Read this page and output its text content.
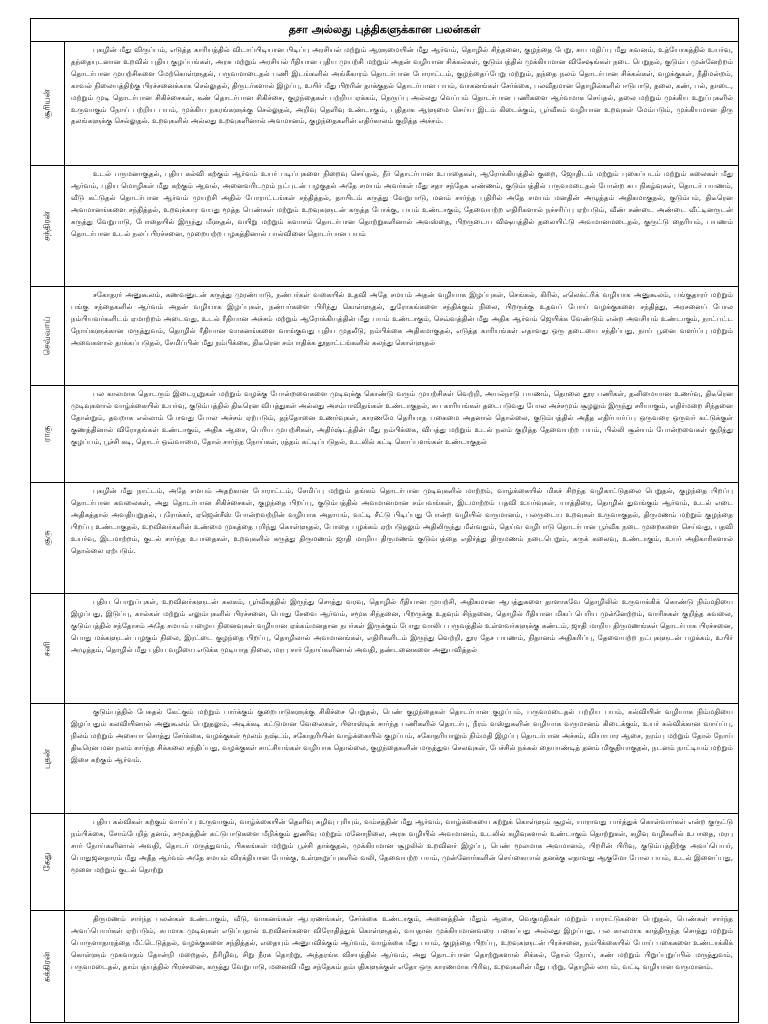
தசா அல்லது புத்திகளுக்கான பலன்கள்	

சூரியன்	புகழின் மீது விருப்பம், எடுத்த காரியத்தில் விடாப்பிடியான பிடிப்பு அரசியல் மற்றும் ஆளுமையின் மீது ஆர்வம், தொழில் சிந்தனை, குழந்தை பேறு, சுய மதிப்பு மீது கவனம், உத்யோகத்தில் உயர்வு, தந்தையுடனான உறவில் புதிய குழப்பங்கள், அரசு மற்றும் அரசியல் ரீதியான புதிய முயற்சி மற்றும் அதன் வழியான சிக்கல்கள், குடும்பத்தில் முக்கியமான விசேஷங்கள் நடை பெறுதல், குடும்ப முன்னேற்றம் தொடர்பான முயற்சிகளை மேற்கொள்ளுதல், பருவமாடைதல் பணி இடங்களில் அங்கீகாரம் தொடர்பான போராட்டம், குழந்தைப்பேறு மற்றும், தந்தை நலம் தொடர்பான சிக்கல்கள், வழக்குகள், நீதிமன்றம், காவல் நிலையத்திற்கு பிரச்சனைக்காக செல்லுதல், திருடர்களால் இழப்பு, உயிர் மீது பிறரின் தாக்குதல் தொடர்பான பயம், வாகனங்கள் சேர்க்கை, பலவீதமான தொழில்களில் ஈடுபாடு, தலை, கண், பல், தாடை, மற்றும் முடி தொடர்பான சிகிச்சைகள், கண் தொடர்பான சிகிச்சை, குழந்தைகள் பற்றிய ஏக்கம், நெருப்பு அல்லது வெப்பம் தொடர்பான பணிகளை ஆர்வமாக செய்தல், தலை மற்றும் முக்கிய உறுப்புகளில் உருவாகும் நோய் பற்றிய பயம், முக்கிய நகரங்களுக்கு செல்லுதல், அறிவு தெளிவு உண்டாகும், புதிதாக ஆளுமை செய்ய இடம் கிடைக்கும், பூர்வீகம் வழியான உறவுகள் மேம்படும், முக்கியமான திரு தலங்களுக்கு செல்லுதல். உறவுகளில் அல்லது உறவுகளினால் அவமானம், குழந்தைகளின் எதிர்காலம் குறித்த அச்சம்.

சந்திரன்	உடல் பருமனாகுதல், புதிய கல்வி கற்கும் ஆர்வம் உயர் படிப்புகளை நிறைவு செய்தல், நீர் தொடர்பான உபாதைகள், ஆரோக்கியத்தில் குறை, ஜோதிடம் மற்றும் புகைப்படம் மற்றும் கலைகள் மீது ஆர்வம், புதிய மொழிகள் மீது கற்கும் ஆவல், அனைவரிடமும் நட்புடன் பழகுதல் அதே சமயம் அவர்கள் மீது சதா சந்தேக எண்ணம், குடும்பத்தில் பருவமடைதல் போன்ற சுப நிகழ்வுகள், தொடர் பயணம், வீடு கட்டுதல் தொடர்பான ஆர்வம் முயற்சி அதில் போராட்டங்கள் சந்தித்தல், தாயிடம் கருத்து வேறுபாடு, மனம் சார்ந்த புதிரில் அதே சமயம் மனதின் அழுத்தம் அதிகமாகுதல், குடும்பம், திடீரென அவமானங்களை சந்தித்தல், உறவுக்கார வயது மூத்த பெண்கள் மற்றும் உறவுகளுடன் கருத்த போக்கு, பயம் உண்டாகும், தேவையற்ற எதிரிகளால் நச்சரிப்பு ஏற்படும், வீண் சண்டை அண்டை வீட்டினருடன் கருத்து வேறுபாடு, போதையில் இருந்து மீளுதல், வயிறு மற்றும் சுவாசம் தொடர்பான தொற்றுகளினால் அவஸ்தை, பிறருடைய விஷயத்தில் தலையிட்டு அவமானமடைதல், குருட்டு தைரியம், பயணம் தொடர்பான உடல் நலப் பிரச்சனை, முறையற்ற பழகத்தினால் பால்வினை தொடர்பான பயம்

செவ்வாய்	சகோதரர் அனுகூலம், கணவனுடன் கருத்து முரண்பாடு, நண்பர்கள் வகையில் உதவி அதே சமயம் அதன் வழியாக இழப்புகள், செங்கல், கிரில், எலெக்ட்ரிக் வழியாக அனுகூலம், பங்குதாரர் மற்றும் பங்கு சந்தைகளில் ஆர்வம் அதன் வழியாக இழப்புகள், நண்பர்களை பிரிந்து கொள்ளுதல், துரோகங்களை சந்திக்கும் நிலை, பிறருக்கு உதவப் போய் வழக்குகளை சந்தித்து, அரசனைப் போல நம்பியவர்களிடம் ஏமாற்றம் அடைவது, உடல் ரீதியான அச்சம் மற்றும் ஆரோக்கியத்தின் மீது பயம் உண்டாகும், செவ்வத்தின் மீது அதிக ஆர்வம் ஜெயிக்க வேண்டும் என்ற அவசியம் உண்டாகும், நாட்பட்ட நோய்களுக்கான மருத்துவம், தொழில் ரீதியான வாகனங்களை வாங்குவது புதிய முதலீடு, நம்பிக்கை அதிகமாகுதல், எடுத்த காரியங்கள் எதாவது ஒரு தடையை சந்திப்பது, நாய் பூனை வளர்ப்பு மற்றும் அவைகளால் தாக்கப்படுதல், சேமிப்பின் மீது நம்பிக்கை, திடீரென சம்பாதிக்க தூதாட்டங்களில் கலந்து கொள்ளுதல்

ராகு	பல காலமாக தொடரும் இடையூறுகள் மற்றும் வழக்கு போன்றவைகளை முடிவுக்கு கொண்டு வரும் முயற்சிகள் வெற்றி, அயல்நாடு பயணம், தொலை தூர பணிகள், தனிமையான உணர்வு, திடீரென முடிவுகளால் வாழ்க்கையில் உயர்வு, குடும்பத்தில் திடீரென விபத்துகள் அல்லது அசம்பாவிதங்கள் உண்டாகுதல், சுப காரியங்கள் தடைபடுவது போல அச்சமும் சூழலும் இருந்து சரியாகும், எதிர்மறை சிந்தனை தோன்றும், தவறாக எல்லாம் போவது போல அச்சம் ஏற்படும், தந்தோனை உணர்வுகள், காரணமே தெரியாத பகைமை அதனால் தொல்லை, குடும்பத்தில் அதீத எதிர்பார்ப்பு ஒருவரை ஒருவர் கட்டுக்குள் குணத்தினால் விரோதங்கள் உண்டாகும், அதிக ஆசை, பெரிய முயற்சிகள், அதிர்ஷ்டத்தின் மீது நம்பிக்கை, விபத்து மற்றும் உடல் நலம் குறித்த தேவையற்ற பயம், பில்லி சூன்யம் போன்றவைகள் குறித்து குழப்பம், பூச்சி கடி, தொடர் ஒவ்வாமை, தோல் சார்ந்த நோய்கள், ரத்தம் கட்டிப்படுதல், உடலில் கட்டி கொப்பளங்கள் உண்டாகுதல்

குரு	புகழின் மீது நாட்டம், அதே சமயம் அதற்கான போராட்டம், சேமிப்பு மற்றும் தங்கம் தொடர்பான முடிவுகளில் மாற்றம், வாழ்க்கையில் மிகச் சிறந்த வழிகாட்டுதலை பெறுதல், குழந்தை பிறப்பு தொடர்பான கவலைகள், அது தொடர்பான சிகிச்சைகள், குழந்தை பிறப்பு, குடும்பத்தில் அவமானமான சம்பவங்கள், இடமாற்றம் பதவி உயர்வுகள், யாத்திரை, தொழில் துவங்கும் ஆர்வம், உடல் எடை அதிகத்தால் அவதியுறுதல், புரோக்கர், ஏஜென்சீஸ் போன்றவற்றின் வழியாக அதாயம், வட்டி சீட்டு பிடிப்பது போன்ற வழியில் வருமானம், பலருடைய உறவுகள் உருவாகுதல், திருமணம் மற்றும் குழந்தை பிறப்பு உண்டாகுதல், உறவினர்களின் உண்மை முகத்தை புரிந்து கொள்ளுதல், போதை பழக்கம் ஏற்படுதலும் அதிலிருந்து மீள்வதும், தெய்வ வழிபாடு தொடர்பான பூர்வீக நடை முறைகளை செய்வது, பதவி உயர்வு, இடமாற்றம், குடல் சார்ந்த உபாதைகள், உறவுகளில் கருத்து திருமணம் ஜாதி மாறிய திருமணம் குடும்பத்தை எதிர்த்து திருமணம் நடைபெறும், கருக் கலைவு, உண்டாகும், உயர் அதிகாரிகளால் தொல்லை ஏற்படும்.

சனி	புதிய பொறுப்புகள், உறவினர்களுடன் கலகம், பூர்வீகத்தில் இருந்து சொத்து வரவு, தொழில் ரீதியான முயற்சி, அதிகமான ஆபத்துகளை தாளாகவே தொழிலில் உருவாக்கிக் கொண்டு நிம்மதியை இழப்பது, இடுப்பு, கால்கள் மற்றும் எலும்புகளில் பிரச்சனை, பொது சேவை ஆர்வம், சமூக சிந்தனை, பிறருக்கு உதவும் சிந்தனை, தொழில் ரீதியான மிகப் பெரிய முன்னேற்றம், வாரிசுகள் குறித்த கவலை, குடும்பத்தில் சந்தோசம் அதே சமயம் பழைய நினைவுகள் வழியான ஏக்கம்மனதான நபர்கள் இருக்கும் போது வாலிப பருவத்தில் உள்ளவர்களுக்கு கண்டம், ஜாதி மாறிய திருமணங்கள் தொடர்பாக பிரச்சனை, பொது மக்களுடன் பழகும் நிலை, இரட்டை குழந்தை பிறப்பு, தொழிலால் அவமானங்கள், எதிரிகளிடம் இருந்து வெற்றி, தூர தேச பயணம், நிதானம் அதிகரிப்பு, தேவையற்ற நட்புகளுடன் பழக்கம், உயிர் அழுத்தம், தொழில் மீது புதிய வழியை எடுக்க முடியாத நிலை, மரபு சார் நோய்களினால் அவதி, தண்டனைகளை அனுபவித்தல்

புதன்	குடும்பத்தில் பேசுதல் கேட்கும் மற்றும் பார்க்கும் குறைபாடுகளுக்கு சிகிச்சை பெறுதல், பெண் குழந்தைகள் தொடர்பான குழப்பம், பருவமடைதல் பற்றிய பயம், கல்வியின் வழியாக நிம்மதியை இழப்பதும் கலவியினால் அனுகூலம் பெறுதலும், அடிக்கடி கட்டுமான வேலைகள், பிளாஸ்டிக் சார்ந்த பணிகளில் தொடர்பு, நீரம் வஸ்துகளின் வழியாக வருமானம் கிடைக்கும், உயர் கல்விக்கான வாய்ப்பு, நிலம் மற்றும் அசையா சொத்து சேர்க்கை, வழக்குகள் மூலம் நஷ்டம், சகோதரியின் வாழ்க்கையில் குழப்பம், சகோதரியாலும் நிம்மதி இழப்பு தொடர்பான அச்சம், வியாபார ஆசை, நரம்பு மற்றும் தோல் நோய் திடீரென மன நலம் சார்ந்த சிக்கலை சந்திப்பது, வழக்குகள் சாட்சியங்கள் வழியாக தொல்லை, குழந்தைகளின் மருத்துவ செலவுகள், பேச்சில் நக்கல் நையாண்டித் தனம் மிகுதியாகுதல், நடனம் நாட்டியம் மற்றும் இசை கற்கும் ஆர்வம்.

கேது	புதிய கல்விகள் கற்கும் வாய்ப்பு உருவாகும், வாழ்க்கையின் தெளிவு சுழிவு புரியும், வம்சத்தின் மீது ஆர்வம், வாழ்க்கையை கற்றுக் கொள்ளும் சூழல், யாராவது பார்த்துக் கொள்வார்கள் என்ற குருட்டு நம்பிக்கை, சோம்பேறித் தனம், சமூகத்தின் கட்டுபாடுகளை மீறிக்கும் துணிவு மற்றும் மனோநிலை, அரசு வழியில் அவமானம், உடலில் கழிவுகளால் உண்டாகும் தொற்றுகள், கழிவு வழிகளில் உபாதை, மரபு சார் நோய்களினால் அவதி, தொடர் மருத்துவம், பிசுகங்கள் மற்றும் பூச்சி தாக்குதல், முக்கியமான சூழலில் உறவினர் இழப்பு, பெண் மூலமாக அவமானம், பிறரின் பிரிவு, குடும்பத்திற்கு அவப்பெயர், பொதுஜனதாரம் மீது அதீத ஆர்வம் அதே சமயம் விரக்தியான போக்கு, உள்ளுறுப்புகளில் வலி, தேவையற்ற பயம், முன்னோர்களின் செய்கையால் தனக்கு எதாவது ஆகுமோ போல பயம், உடல் இளைப்பது, மூளை மற்றும் குடல் தொற்று

சுக்கிரன்	திருமணம் சார்ந்த பலன்கள் உண்டாகும், வீடு, வாகனங்கள் ஆபரணங்கள், சேர்க்கை உண்டாகும், அனைத்தின் மீதும் ஆசை, வெகுமதிகள் மற்றும் பாராட்டுகளை பெறுதல், பெண்கள் சார்ந்த அவப்பெயர்கள் ஏற்படும், சுபமாக முடிவுகள் எடுப்பதால் உறவினர்களை விரோதித்துக் கொள்ளுதல், வயதான முக்கியமானவரை பகைப்பது அல்லது இழப்பது, பல காலமாக காத்திருந்த சொத்து மற்றும் பொருளாதாரத்தை மீட்டெடுத்தல், வழக்குகளை சந்தித்தல், எதையும் அனுபவிக்கும் ஆர்வம், வாழ்க்கை மீது பயம், குழந்தை பிறப்பு, உறவுகளுடன் பிரச்சனை, நம்பிக்கையில் போய் பகைகளை உண்டாக்கிக் கொள்ளும் முகவாதம் தோன்றி மறைதல், நீரிழிவு, சிறு நீரக தொற்று, அந்தரங்க விசயத்தில் ஆர்வம், அது தொடர்பான தொற்றுகளால் சிக்கல், தோல் நோய், கண் மற்றும் பிறுப்புறுப்பில் மருத்துவம், பருவமடைதல், தாம்பத்யத்தில் பிரச்சனை, கருத்து வேறுபாடு, மனைவி மீது சந்தேகம் தம்பதிகளுக்குள் எதோ ஒரு காரணமாக பிரிவு, உறவுகளின் மீது பற்று, தொழில் லாபம், வட்டி வழியான வருமானம்.
